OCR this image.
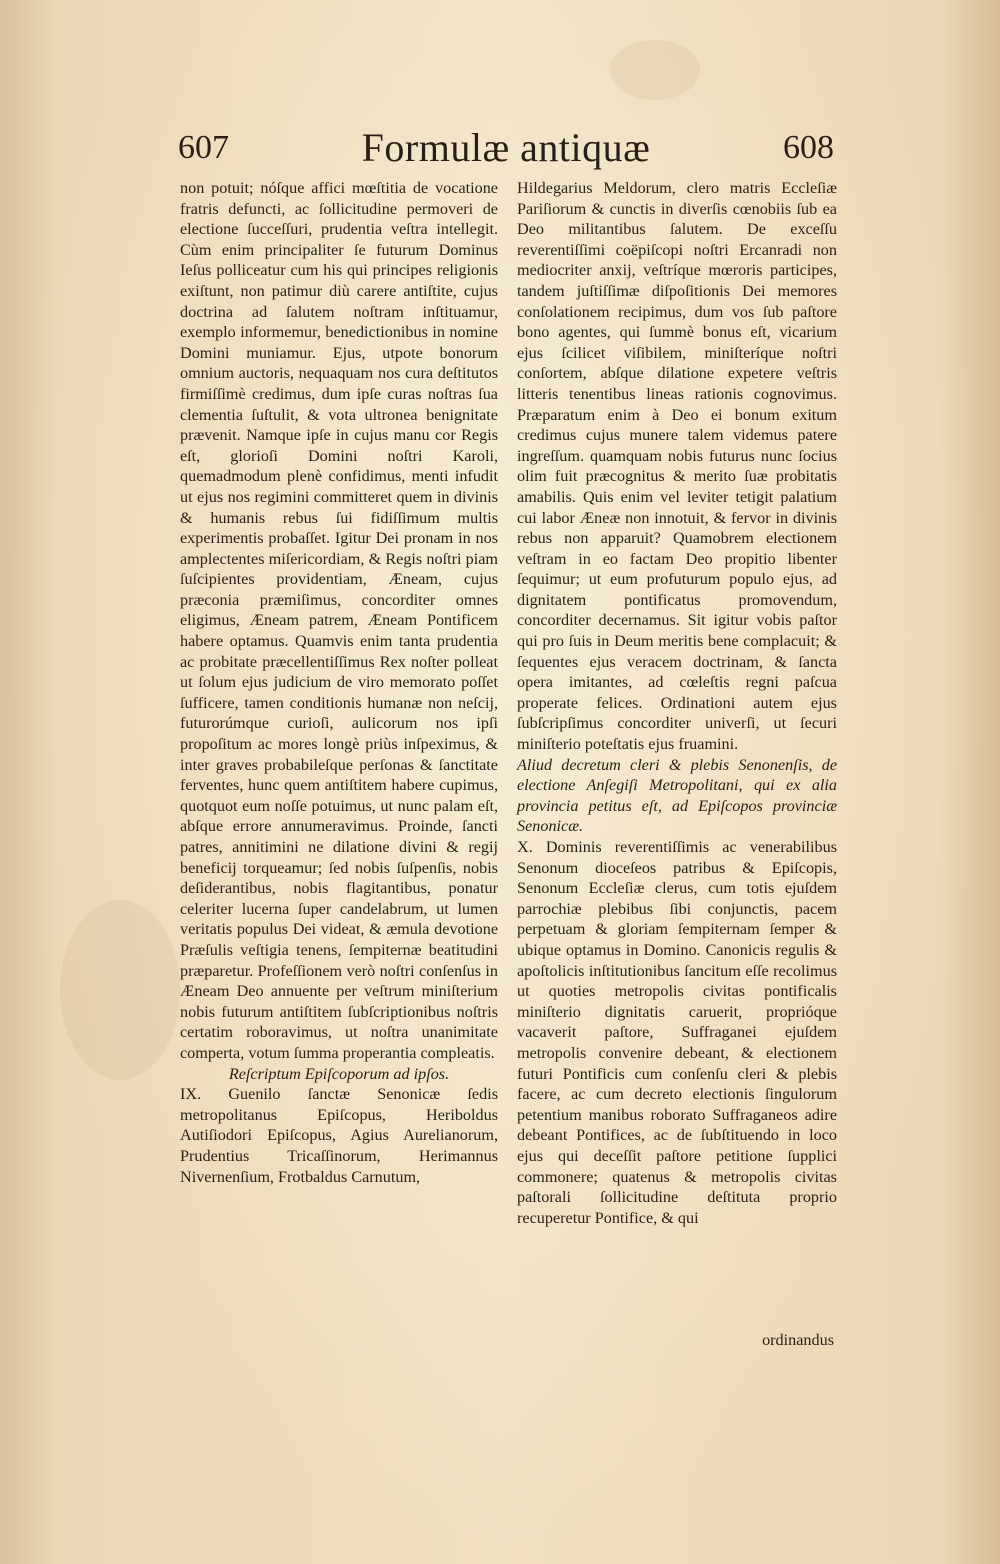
607	Formulæ antiquæ	608

non potuit; nóſque affici mœſtitia de vocatione fratris defuncti, ac ſollicitudine permoveri de electione ſucceſſuri, prudentia veſtra intellegit. Cùm enim principaliter ſe futurum Dominus Ieſus pollicеatur cum his qui principes religionis exiſtunt, non patimur diù carere antiſtite, cujus doctrina ad ſalutem noſtram inſtituamur, exemplo informemur, benedictionibus in nomine Domini muniamur. Ejus, utpote bonorum omnium auctoris, nequaquam nos cura deſtitutos firmiſſimè credimus, dum ipſe curas noſtras ſua clementia ſuſtulit, & vota ultronea benignitate prævenit. Namque ipſe in cujus manu cor Regis eſt, glorioſi Domini noſtri Karoli, quemadmodum plenè confidimus, menti infudit ut ejus nos regimini committeret quem in divinis & humanis rebus ſui fidiſſimum multis experimentis probaſſet. Igitur Dei pronam in nos amplectentes miſericordiam, & Regis noſtri piam ſuſcipientes providentiam, Æneam, cujus præconia præmiſimus, concorditer omnes eligimus, Æneam patrem, Æneam Pontificem habere optamus. Quamvis enim tanta prudentia ac probitate præcellentiſſimus Rex noſter polleat ut ſolum ejus judicium de viro memorato poſſet ſufficere, tamen conditionis humanæ non neſcij, futurorúmque curioſi, aulicorum nos ipſi propoſitum ac mores longè priùs inſpeximus, & inter graves probabileſque perſonas & ſanctitate ferventes, hunc quem antiſtitem habere cupimus, quotquot eum noſſe potuimus, ut nunc palam eſt, abſque errore annumeravimus. Proinde, ſancti patres, annitimini ne dilatione divini & regij beneficij torqueamur; ſed nobis ſuſpenſis, nobis deſiderantibus, nobis flagitantibus, ponatur celeriter lucerna ſuper candelabrum, ut lumen veritatis populus Dei videat, & æmula devotione Præſulis veſtigia tenens, ſempiternæ beatitudini præparetur. Profeſſionem verò noſtri conſenſus in Æneam Deo annuente per veſtrum miniſterium nobis futurum antiſtitem ſubſcriptionibus noſtris certatim roboravimus, ut noſtra unanimitate comperta, votum ſumma properantia compleatis.

Reſcriptum Epiſcoporum ad ipſos.

IX. Guenilo ſanctæ Senonicæ ſedis metropolitanus Epiſcopus, Heriboldus Autiſiodori Epiſcopus, Agius Aurelianorum, Prudentius Tricaſſinorum, Herimannus Nivernenſium, Frotbaldus Carnutum,

Hildegarius Meldorum, clero matris Eccleſiæ Pariſiorum & cunctis in diverſis cœnobiis ſub ea Deo militantibus ſalutem. De exceſſu reverentiſſimi coëpiſcopi noſtri Ercanradi non mediocriter anxij, veſtríque mœroris participes, tandem juſtiſſimæ diſpoſitionis Dei memores conſolationem recipimus, dum vos ſub paſtore bono agentes, qui ſummè bonus eſt, vicarium ejus ſcilicet viſibilem, miniſteríque noſtri conſortem, abſque dilatione expetere veſtris litteris tenentibus lineas rationis cognovimus. Præparatum enim à Deo ei bonum exitum credimus cujus munere talem videmus patere ingreſſum. quamquam nobis futurus nunc ſocius olim fuit præcognitus & merito ſuæ probitatis amabilis. Quis enim vel leviter tetigit palatium cui labor Æneæ non innotuit, & fervor in divinis rebus non apparuit? Quamobrem electionem veſtram in eo factam Deo propitio libenter ſequimur; ut eum profuturum populo ejus, ad dignitatem pontificatus promovendum, concorditer decernamus. Sit igitur vobis paſtor qui pro ſuis in Deum meritis bene complacuit; & ſequentes ejus veracem doctrinam, & ſancta opera imitantes, ad cœleſtis regni paſcua properate felices. Ordinationi autem ejus ſubſcripſimus concorditer univerſi, ut ſecuri miniſterio poteſtatis ejus fruamini.

Aliud decretum cleri & plebis Senonenſis, de electione Anſegiſi Metropolitani, qui ex alia provincia petitus eſt, ad Epiſcopos provinciæ Senonicæ.

X. Dominis reverentiſſimis ac venerabilibus Senonum dioceſeos patribus & Epiſcopis, Senonum Eccleſiæ clerus, cum totis ejuſdem parrochiæ plebibus ſibi conjunctis, pacem perpetuam & gloriam ſempiternam ſemper & ubique optamus in Domino. Canonicis regulis & apoſtolicis inſtitutionibus ſancitum eſſe recolimus ut quoties metropolis civitas pontificalis miniſterio dignitatis caruerit, proprióque vacaverit paſtore, Suffraganei ejuſdem metropolis convenire debeant, & electionem futuri Pontificis cum conſenſu cleri & plebis facere, ac cum decreto electionis ſingulorum petentium manibus roborato Suffraganeos adire debeant Pontifices, ac de ſubſtituendo in loco ejus qui deceſſit paſtore petitione ſupplici commonere; quatenus & metropolis civitas paſtorali ſollicitudine deſtituta proprio recuperetur Pontifice, & qui

ordinandus
